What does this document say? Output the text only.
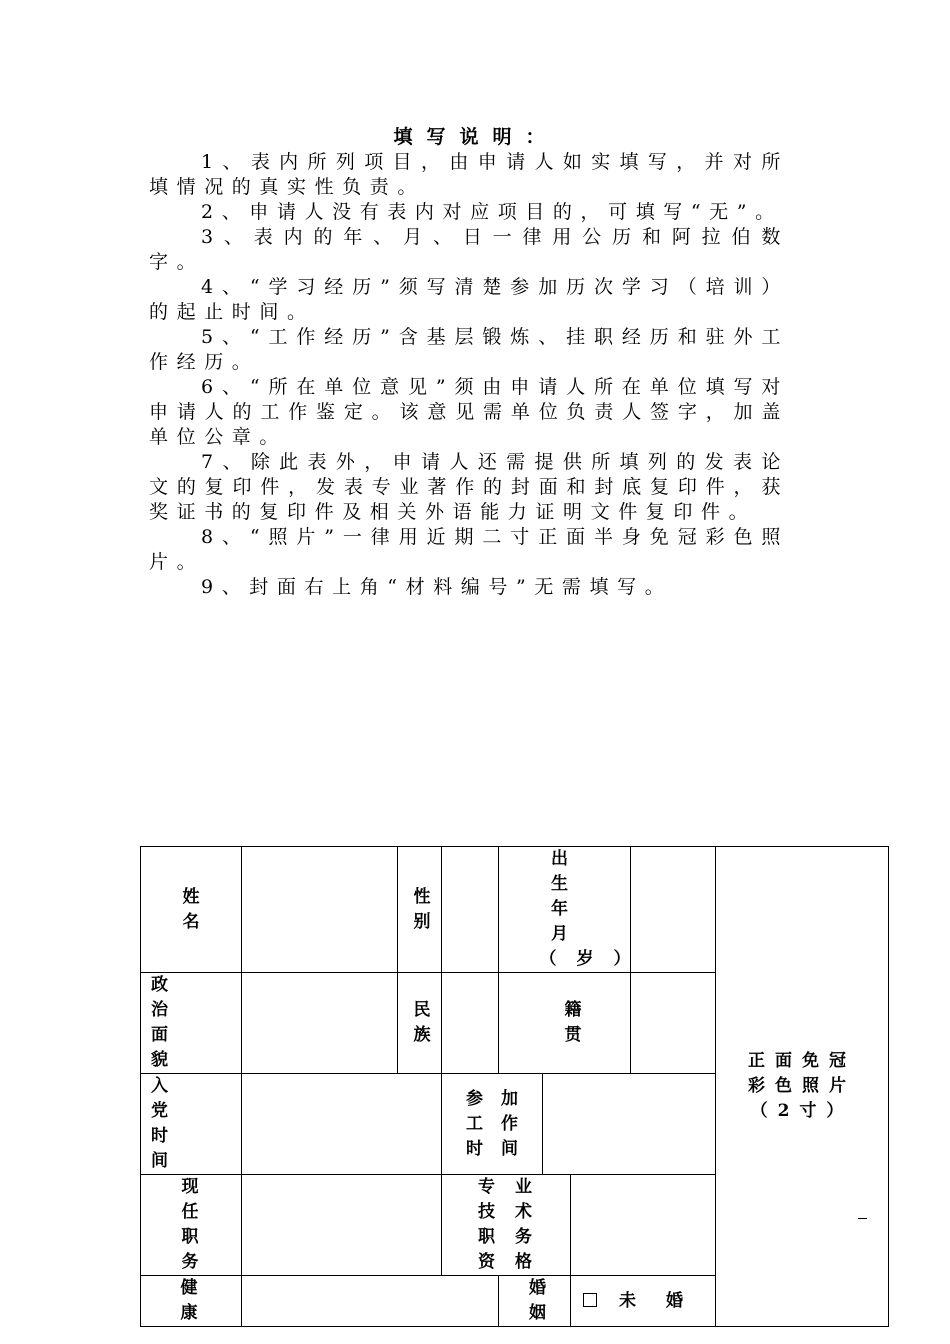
填写说明：

1、表内所列项目，由申请人如实填写，并对所填情况的真实性负责。

2、申请人没有表内对应项目的，可填写“无”。

3、表内的年、月、日一律用公历和阿拉伯数字。

4、“学习经历”须写清楚参加历次学习（培训）的起止时间。

5、“工作经历”含基层锻炼、挂职经历和驻外工作经历。

6、“所在单位意见”须由申请人所在单位填写对申请人的工作鉴定。该意见需单位负责人签字，加盖单位公章。

7、除此表外，申请人还需提供所填列的发表论文的复印件，发表专业著作的封面和封底复印件，获奖证书的复印件及相关外语能力证明文件复印件。

8、“照片”一律用近期二寸正面半身免冠彩色照片。

9、封面右上角“材料编号”无需填写。

姓名		性别		出生年月（岁）				正面免冠彩色照片（2寸）
政治面貌		民族		籍贯				
入党时间			参加工作时间					
现任职务			专业技术职务资格					
健康				婚姻		未婚		
